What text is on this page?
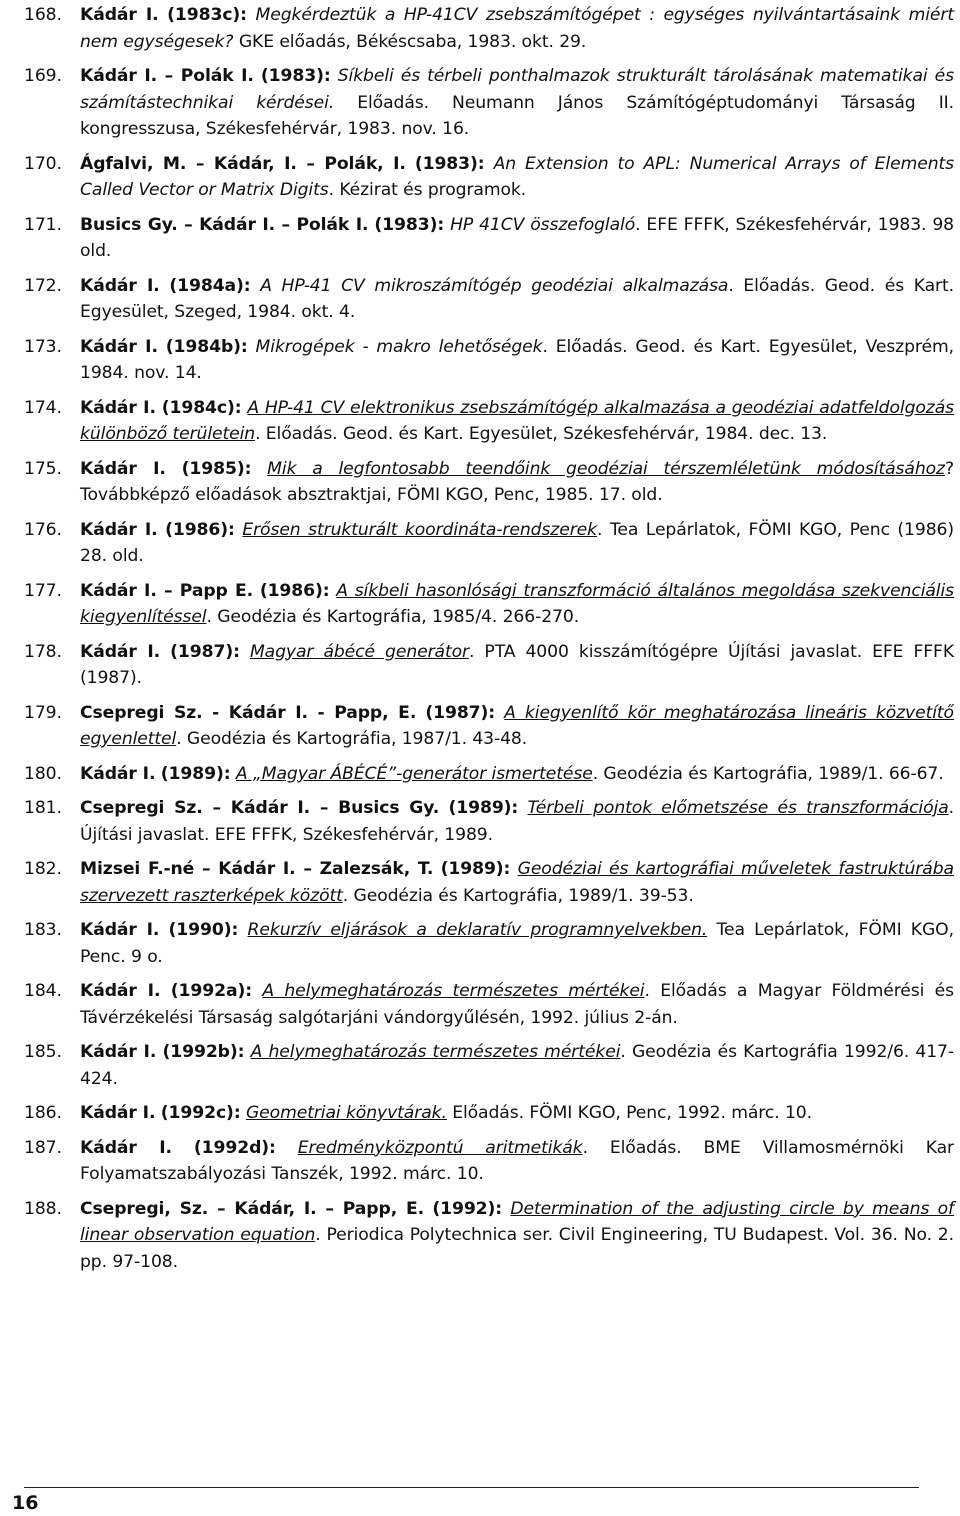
168. Kádár I. (1983c): Megkérdeztük a HP-41CV zsebszámítógépet : egységes nyilvántartásaink miért nem egységesek? GKE előadás, Békéscsaba, 1983. okt. 29.
169. Kádár I. – Polák I. (1983): Síkbeli és térbeli ponthalmazok strukturált tárolásának matematikai és számítástechnikai kérdései. Előadás. Neumann János Számítógéptudományi Társaság II. kongresszusa, Székesfehérvár, 1983. nov. 16.
170. Ágfalvi, M. – Kádár, I. – Polák, I. (1983): An Extension to APL: Numerical Arrays of Elements Called Vector or Matrix Digits. Kézirat és programok.
171. Busics Gy. – Kádár I. – Polák I. (1983): HP 41CV összefoglaló. EFE FFFK, Székesfehérvár, 1983. 98 old.
172. Kádár I. (1984a): A HP-41 CV mikroszámítógép geodéziai alkalmazása. Előadás. Geod. és Kart. Egyesület, Szeged, 1984. okt. 4.
173. Kádár I. (1984b): Mikrogépek - makro lehetőségek. Előadás. Geod. és Kart. Egyesület, Veszprém, 1984. nov. 14.
174. Kádár I. (1984c): A HP-41 CV elektronikus zsebszámítógép alkalmazása a geodéziai adatfeldolgozás különböző területein. Előadás. Geod. és Kart. Egyesület, Székesfehérvár, 1984. dec. 13.
175. Kádár I. (1985): Mik a legfontosabb teendőink geodéziai térszemléletünk módosításához? Továbbképző előadások absztraktjai, FÖMI KGO, Penc, 1985. 17. old.
176. Kádár I. (1986): Erősen strukturált koordináta-rendszerek. Tea Lepárlatok, FÖMI KGO, Penc (1986) 28. old.
177. Kádár I. – Papp E. (1986): A síkbeli hasonlósági transzformáció általános megoldása szekvenciális kiegyenlítéssel. Geodézia és Kartográfia, 1985/4. 266-270.
178. Kádár I. (1987): Magyar ábécé generátor. PTA 4000 kisszámítógépre Újítási javaslat. EFE FFFK (1987).
179. Csepregi Sz. - Kádár I. - Papp, E. (1987): A kiegyenlítő kör meghatározása lineáris közvetítő egyenlettel. Geodézia és Kartográfia, 1987/1. 43-48.
180. Kádár I. (1989): A „Magyar ÁBÉCÉ”-generátor ismertetése. Geodézia és Kartográfia, 1989/1. 66-67.
181. Csepregi Sz. – Kádár I. – Busics Gy. (1989): Térbeli pontok előmetszése és transzformációja. Újítási javaslat. EFE FFFK, Székesfehérvár, 1989.
182. Mizsei F.-né – Kádár I. – Zalezsák, T. (1989): Geodéziai és kartográfiai műveletek fastruktúrába szervezett raszterképek között. Geodézia és Kartográfia, 1989/1. 39-53.
183. Kádár I. (1990): Rekurzív eljárások a deklaratív programnyelvekben. Tea Lepárlatok, FÖMI KGO, Penc. 9 o.
184. Kádár I. (1992a): A helymeghatározás természetes mértékei. Előadás a Magyar Földmérési és Távérzékelési Társaság salgótarjáni vándorgyűlésén, 1992. július 2-án.
185. Kádár I. (1992b): A helymeghatározás természetes mértékei. Geodézia és Kartográfia 1992/6. 417-424.
186. Kádár I. (1992c): Geometriai könyvtárak. Előadás. FÖMI KGO, Penc, 1992. márc. 10.
187. Kádár I. (1992d): Eredményközpontú aritmetikák. Előadás. BME Villamosmérnöki Kar Folyamatszabályozási Tanszék, 1992. márc. 10.
188. Csepregi, Sz. – Kádár, I. – Papp, E. (1992): Determination of the adjusting circle by means of linear observation equation. Periodica Polytechnica ser. Civil Engineering, TU Budapest. Vol. 36. No. 2. pp. 97-108.
16
